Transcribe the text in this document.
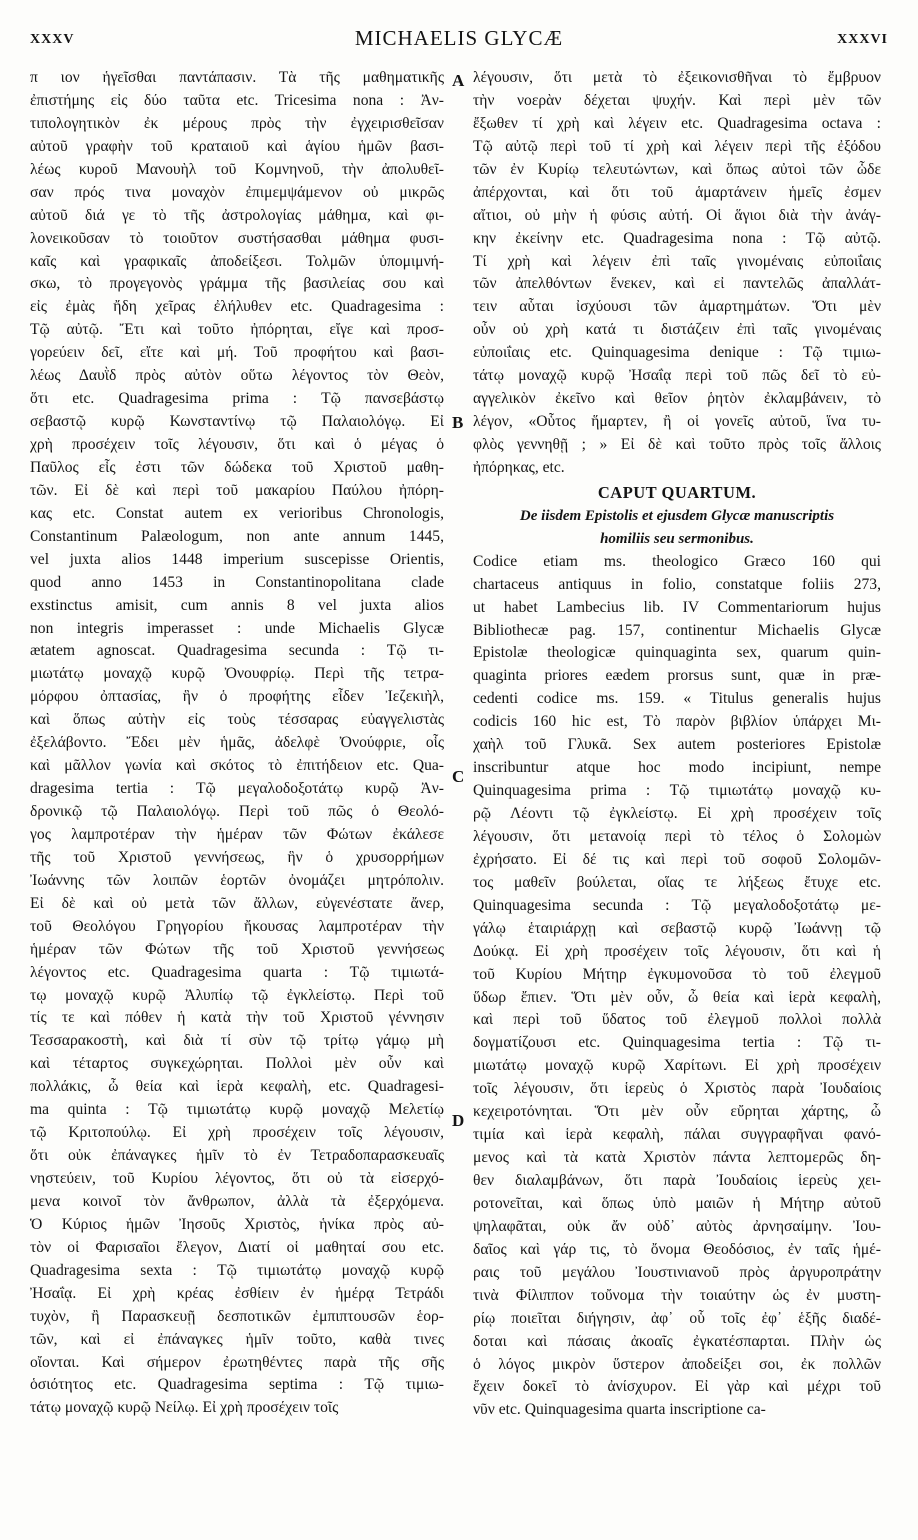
XXXV	MICHAELIS GLYCÆ	XXXVI
A
B
C
D
π ιον ἡγεῖσθαι παντάπασιν. Τὰ τῆς μαθηματικῆς
ἐπιστήμης εἰς δύο ταῦτα etc. Tricesima nona : Ἀν-
τιπολογητικὸν ἐκ μέρους πρὸς τὴν ἐγχειρισθεῖσαν
αὐτοῦ γραφὴν τοῦ κραταιοῦ καὶ ἁγίου ἡμῶν βασι-
λέως κυροῦ Μανουὴλ τοῦ Κομνηνοῦ, τὴν ἀπολυθεῖ-
σαν πρός τινα μοναχὸν ἐπιμεμψάμενον οὐ μικρῶς
αὐτοῦ διά γε τὸ τῆς ἀστρολογίας μάθημα, καὶ φι-
λονεικοῦσαν τὸ τοιοῦτον συστήσασθαι μάθημα φυσι-
καῖς καὶ γραφικαῖς ἀποδείξεσι. Τολμῶν ὑπομιμνή-
σκω, τὸ προγεγονὸς γράμμα τῆς βασιλείας σου καὶ
εἰς ἐμὰς ἤδη χεῖρας ἐλήλυθεν etc. Quadragesima :
Τῷ αὐτῷ. Ἔτι καὶ τοῦτο ἠπόρηται, εἴγε καὶ προσ-
γορεύειν δεῖ, εἴτε καὶ μή. Τοῦ προφήτου καὶ βασι-
λέως Δαυῒδ πρὸς αὐτὸν οὕτω λέγοντος τὸν Θεὸν,
ὅτι etc. Quadragesima prima : Τῷ πανσεβάστῳ
σεβαστῷ κυρῷ Κωνσταντίνῳ τῷ Παλαιολόγῳ. Εἰ
χρὴ προσέχειν τοῖς λέγουσιν, ὅτι καὶ ὁ μέγας ὁ
Παῦλος εἷς ἐστι τῶν δώδεκα τοῦ Χριστοῦ μαθη-
τῶν. Εἰ δὲ καὶ περὶ τοῦ μακαρίου Παύλου ἠπόρη-
κας etc. Constat autem ex verioribus Chronologis,
Constantinum Palæologum, non ante annum 1445,
vel juxta alios 1448 imperium suscepisse Orientis,
quod anno 1453 in Constantinopolitana clade
exstinctus amisit, cum annis 8 vel juxta alios
non integris imperasset : unde Michaelis Glycæ
ætatem agnoscat. Quadragesima secunda : Τῷ τι-
μιωτάτῳ μοναχῷ κυρῷ Ὀνουφρίῳ. Περὶ τῆς τετρα-
μόρφου ὀπτασίας, ἣν ὁ προφήτης εἶδεν Ἰεζεκιὴλ,
καὶ ὅπως αὐτὴν εἰς τοὺς τέσσαρας εὐαγγελιστὰς
ἐξελάβοντο. Ἔδει μὲν ἡμᾶς, ἀδελφὲ Ὀνούφριε, οἷς
καὶ μᾶλλον γωνία καὶ σκότος τὸ ἐπιτήδειον etc. Qua-
dragesima tertia : Τῷ μεγαλοδοξοτάτῳ κυρῷ Ἀν-
δρονικῷ τῷ Παλαιολόγῳ. Περὶ τοῦ πῶς ὁ Θεολό-
γος λαμπροτέραν τὴν ἡμέραν τῶν Φώτων ἐκάλεσε
τῆς τοῦ Χριστοῦ γεννήσεως, ἣν ὁ χρυσορρήμων
Ἰωάννης τῶν λοιπῶν ἑορτῶν ὀνομάζει μητρόπολιν.
Εἰ δὲ καὶ οὐ μετὰ τῶν ἄλλων, εὐγενέστατε ἄνερ,
τοῦ Θεολόγου Γρηγορίου ἤκουσας λαμπροτέραν τὴν
ἡμέραν τῶν Φώτων τῆς τοῦ Χριστοῦ γεννήσεως
λέγοντος etc. Quadragesima quarta : Τῷ τιμιωτά-
τῳ μοναχῷ κυρῷ Ἀλυπίῳ τῷ ἐγκλείστῳ. Περὶ τοῦ
τίς τε καὶ πόθεν ἡ κατὰ τὴν τοῦ Χριστοῦ γέννησιν
Τεσσαρακοστὴ, καὶ διὰ τί σὺν τῷ τρίτῳ γάμῳ μὴ
καὶ τέταρτος συγκεχώρηται. Πολλοὶ μὲν οὖν καὶ
πολλάκις, ὦ θεία καὶ ἱερὰ κεφαλὴ, etc. Quadragesi-
ma quinta : Τῷ τιμιωτάτῳ κυρῷ μοναχῷ Μελετίῳ
τῷ Κριτοπούλῳ. Εἰ χρὴ προσέχειν τοῖς λέγουσιν,
ὅτι οὐκ ἐπάναγκες ἡμῖν τὸ ἐν Τετραδοπαρασκευαῖς
νηστεύειν, τοῦ Κυρίου λέγοντος, ὅτι οὐ τὰ εἰσερχό-
μενα κοινοῖ τὸν ἄνθρωπον, ἀλλὰ τὰ ἐξερχόμενα.
Ὁ Κύριος ἡμῶν Ἰησοῦς Χριστὸς, ἡνίκα πρὸς αὐ-
τὸν οἱ Φαρισαῖοι ἔλεγον, Διατί οἱ μαθηταί σου etc.
Quadragesima sexta : Τῷ τιμιωτάτῳ μοναχῷ κυρῷ
Ἠσαΐᾳ. Εἰ χρὴ κρέας ἐσθίειν ἐν ἡμέρᾳ Τετράδι
τυχὸν, ἢ Παρασκευῇ δεσποτικῶν ἐμπιπτουσῶν ἑορ-
τῶν, καὶ εἰ ἐπάναγκες ἡμῖν τοῦτο, καθὰ τινες
οἴονται. Καὶ σήμερον ἐρωτηθέντες παρὰ τῆς σῆς
ὁσιότητος etc. Quadragesima septima : Τῷ τιμιω-
τάτῳ μοναχῷ κυρῷ Νείλῳ. Εἰ χρὴ προσέχειν τοῖς
λέγουσιν, ὅτι μετὰ τὸ ἐξεικονισθῆναι τὸ ἔμβρυον
τὴν νοερὰν δέχεται ψυχήν. Καὶ περὶ μὲν τῶν
ἔξωθεν τί χρὴ καὶ λέγειν etc. Quadragesima octava :
Τῷ αὐτῷ περὶ τοῦ τί χρὴ καὶ λέγειν περὶ τῆς ἐξόδου
τῶν ἐν Κυρίῳ τελευτώντων, καὶ ὅπως αὐτοὶ τῶν ὧδε
ἀπέρχονται, καὶ ὅτι τοῦ ἁμαρτάνειν ἡμεῖς ἐσμεν
αἴτιοι, οὐ μὴν ἡ φύσις αὐτή. Οἱ ἅγιοι διὰ τὴν ἀνάγ-
κην ἐκείνην etc. Quadragesima nona : Τῷ αὐτῷ.
Τί χρὴ καὶ λέγειν ἐπὶ ταῖς γινομέναις εὐποιΐαις
τῶν ἀπελθόντων ἕνεκεν, καὶ εἰ παντελῶς ἀπαλλάτ-
τειν αὗται ἰσχύουσι τῶν ἁμαρτημάτων. Ὅτι μὲν
οὖν οὐ χρὴ κατά τι διστάζειν ἐπὶ ταῖς γινομέναις
εὐποιΐαις etc. Quinquagesima denique : Τῷ τιμιω-
τάτῳ μοναχῷ κυρῷ Ἠσαΐᾳ περὶ τοῦ πῶς δεῖ τὸ εὐ-
αγγελικὸν ἐκεῖνο καὶ θεῖον ῥητὸν ἐκλαμβάνειν, τὸ
λέγον, «Οὗτος ἥμαρτεν, ἢ οἱ γονεῖς αὐτοῦ, ἵνα τυ-
φλὸς γεννηθῇ ; » Εἰ δὲ καὶ τοῦτο πρὸς τοῖς ἄλλοις
ἠπόρηκας, etc.
CAPUT QUARTUM.
De iisdem Epistolis et ejusdem Glycæ manuscriptis
homiliis seu sermonibus.
Codice etiam ms. theologico Græco 160 qui
chartaceus antiquus in folio, constatque foliis 273,
ut habet Lambecius lib. IV Commentariorum hujus
Bibliothecæ pag. 157, continentur Michaelis Glycæ
Epistolæ theologicæ quinquaginta sex, quarum quin-
quaginta priores eædem prorsus sunt, quæ in præ-
cedenti codice ms. 159. « Titulus generalis hujus
codicis 160 hic est, Τὸ παρὸν βιβλίον ὑπάρχει Μι-
χαὴλ τοῦ Γλυκᾶ. Sex autem posteriores Epistolæ
inscribuntur atque hoc modo incipiunt, nempe
Quinquagesima prima : Τῷ τιμιωτάτῳ μοναχῷ κυ-
ρῷ Λέοντι τῷ ἐγκλείστῳ. Εἰ χρὴ προσέχειν τοῖς
λέγουσιν, ὅτι μετανοίᾳ περὶ τὸ τέλος ὁ Σολομὼν
ἐχρήσατο. Εἰ δέ τις καὶ περὶ τοῦ σοφοῦ Σολομῶν-
τος μαθεῖν βούλεται, οἵας τε λήξεως ἔτυχε etc.
Quinquagesima secunda : Τῷ μεγαλοδοξοτάτῳ με-
γάλῳ ἑταιριάρχῃ καὶ σεβαστῷ κυρῷ Ἰωάννῃ τῷ
Δούκᾳ. Εἰ χρὴ προσέχειν τοῖς λέγουσιν, ὅτι καὶ ἡ
τοῦ Κυρίου Μήτηρ ἐγκυμονοῦσα τὸ τοῦ ἐλεγμοῦ
ὕδωρ ἔπιεν. Ὅτι μὲν οὖν, ὦ θεία καὶ ἱερὰ κεφαλὴ,
καὶ περὶ τοῦ ὕδατος τοῦ ἐλεγμοῦ πολλοὶ πολλὰ
δογματίζουσι etc. Quinquagesima tertia : Τῷ τι-
μιωτάτῳ μοναχῷ κυρῷ Χαρίτωνι. Εἰ χρὴ προσέχειν
τοῖς λέγουσιν, ὅτι ἱερεὺς ὁ Χριστὸς παρὰ Ἰουδαίοις
κεχειροτόνηται. Ὅτι μὲν οὖν εὔρηται χάρτης, ὦ
τιμία καὶ ἱερὰ κεφαλὴ, πάλαι συγγραφῆναι φανό-
μενος καὶ τὰ κατὰ Χριστὸν πάντα λεπτομερῶς δη-
θεν διαλαμβάνων, ὅτι παρὰ Ἰουδαίοις ἱερεὺς χει-
ροτονεῖται, καὶ ὅπως ὑπὸ μαιῶν ἡ Μήτηρ αὐτοῦ
ψηλαφᾶται, οὐκ ἄν οὐδ᾽ αὐτὸς ἀρνησαίμην. Ἰου-
δαῖος καὶ γάρ τις, τὸ ὄνομα Θεοδόσιος, ἐν ταῖς ἡμέ-
ραις τοῦ μεγάλου Ἰουστινιανοῦ πρὸς ἀργυροπράτην
τινὰ Φίλιππον τοὔνομα τὴν τοιαύτην ὡς ἐν μυστη-
ρίῳ ποιεῖται διήγησιν, ἀφ᾽ οὗ τοῖς ἐφ᾽ ἑξῆς διαδέ-
δοται καὶ πάσαις ἀκοαῖς ἐγκατέσπαρται. Πλὴν ὡς
ὁ λόγος μικρὸν ὕστερον ἀποδείξει σοι, ἐκ πολλῶν
ἔχειν δοκεῖ τὸ ἀνίσχυρον. Εἰ γὰρ καὶ μέχρι τοῦ
νῦν etc. Quinquagesima quarta inscriptione ca-
